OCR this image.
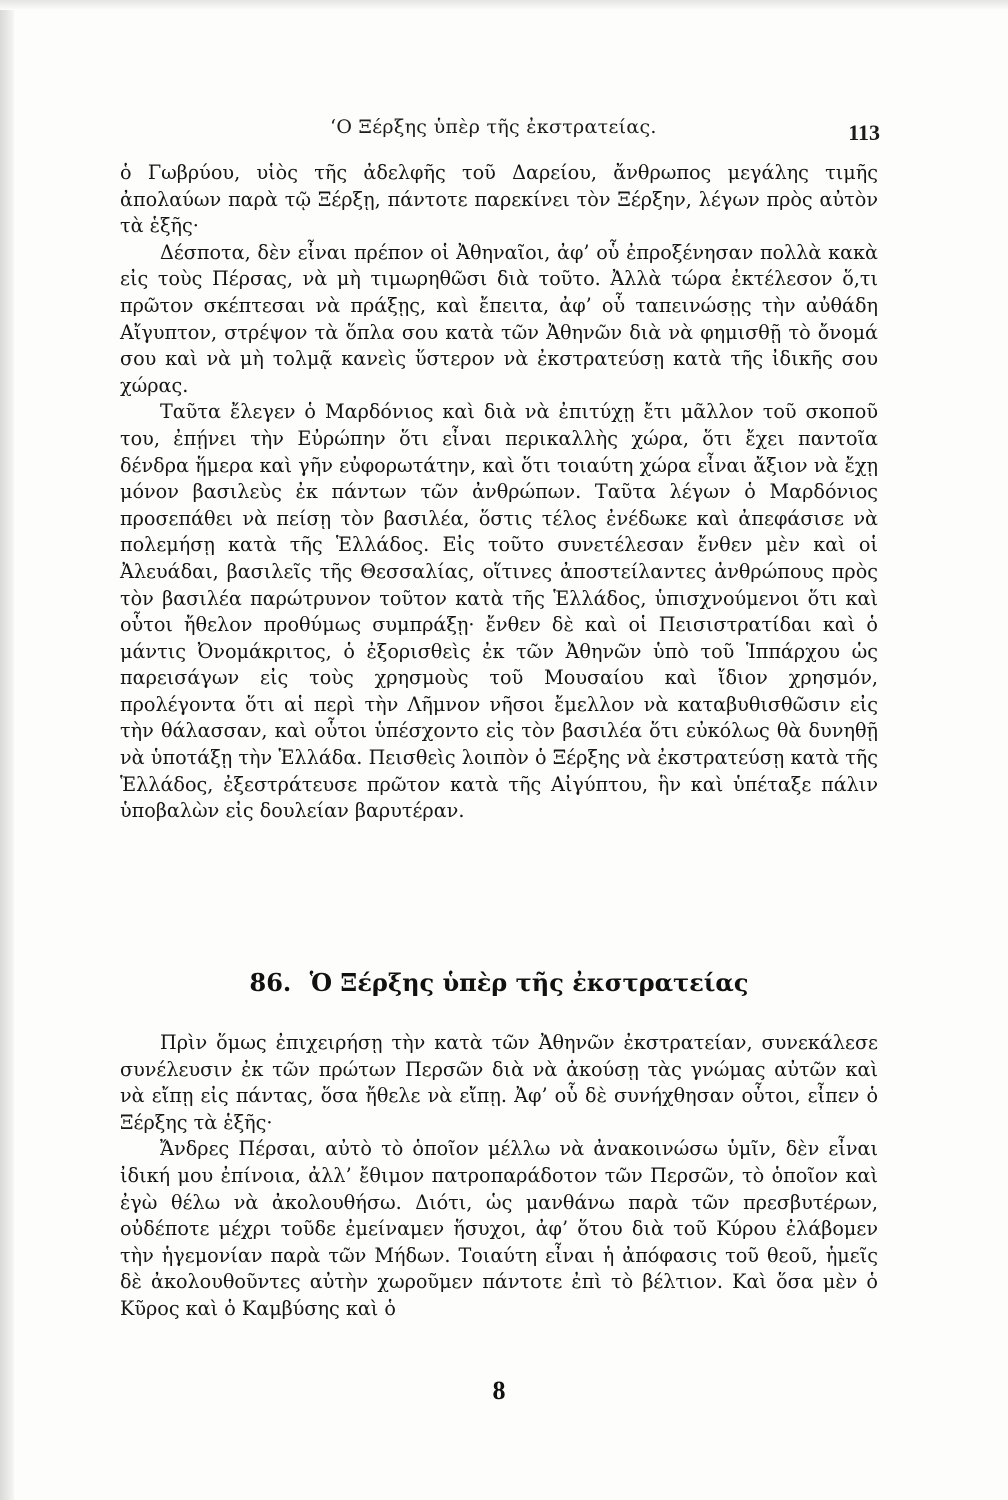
‘Ο Ξέρξης ὑπὲρ τῆς ἐκστρατείας.	113

ὁ Γωβρύου, υἱὸς τῆς ἀδελφῆς τοῦ Δαρείου, ἄνθρωπος μεγάλης τιμῆς ἀπολαύων παρὰ τῷ Ξέρξῃ, πάντοτε παρεκίνει τὸν Ξέρξην, λέγων πρὸς αὐτὸν τὰ ἑξῆς·

Δέσποτα, δὲν εἶναι πρέπον οἱ Ἀθηναῖοι, ἀφ’ οὗ ἐπροξένησαν πολλὰ κακὰ εἰς τοὺς Πέρσας, νὰ μὴ τιμωρηθῶσι διὰ τοῦτο. Ἀλλὰ τώρα ἐκτέλεσον ὅ,τι πρῶτον σκέπτεσαι νὰ πράξῃς, καὶ ἔπειτα, ἀφ’ οὗ ταπεινώσῃς τὴν αὐθάδη Αἴγυπτον, στρέψον τὰ ὅπλα σου κατὰ τῶν Ἀθηνῶν διὰ νὰ φημισθῇ τὸ ὄνομά σου καὶ νὰ μὴ τολμᾷ κανεὶς ὕστερον νὰ ἐκστρατεύσῃ κατὰ τῆς ἰδικῆς σου χώρας.

Ταῦτα ἔλεγεν ὁ Μαρδόνιος καὶ διὰ νὰ ἐπιτύχῃ ἔτι μᾶλλον τοῦ σκοποῦ του, ἐπῄνει τὴν Εὐρώπην ὅτι εἶναι περικαλλὴς χώρα, ὅτι ἔχει παντοῖα δένδρα ἥμερα καὶ γῆν εὐφορωτάτην, καὶ ὅτι τοιαύτη χώρα εἶναι ἄξιον νὰ ἔχῃ μόνον βασιλεὺς ἐκ πάντων τῶν ἀνθρώπων. Ταῦτα λέγων ὁ Μαρδόνιος προσεπάθει νὰ πείσῃ τὸν βασιλέα, ὅστις τέλος ἐνέδωκε καὶ ἀπεφάσισε νὰ πολεμήσῃ κατὰ τῆς Ἑλλάδος. Εἰς τοῦτο συνετέλεσαν ἔνθεν μὲν καὶ οἱ Ἀλευάδαι, βασιλεῖς τῆς Θεσσαλίας, οἵτινες ἀποστείλαντες ἀνθρώπους πρὸς τὸν βασιλέα παρώτρυνον τοῦτον κατὰ τῆς Ἑλλάδος, ὑπισχνούμενοι ὅτι καὶ οὗτοι ἤθελον προθύμως συμπράξῃ· ἔνθεν δὲ καὶ οἱ Πεισιστρατίδαι καὶ ὁ μάντις Ὀνομάκριτος, ὁ ἐξορισθεὶς ἐκ τῶν Ἀθηνῶν ὑπὸ τοῦ Ἱππάρχου ὡς παρεισάγων εἰς τοὺς χρησμοὺς τοῦ Μουσαίου καὶ ἴδιον χρησμόν, προλέγοντα ὅτι αἱ περὶ τὴν Λῆμνον νῆσοι ἔμελλον νὰ καταβυθισθῶσιν εἰς τὴν θάλασσαν, καὶ οὗτοι ὑπέσχοντο εἰς τὸν βασιλέα ὅτι εὐκόλως θὰ δυνηθῇ νὰ ὑποτάξῃ τὴν Ἑλλάδα. Πεισθεὶς λοιπὸν ὁ Ξέρξης νὰ ἐκστρατεύσῃ κατὰ τῆς Ἑλλάδος, ἐξεστράτευσε πρῶτον κατὰ τῆς Αἰγύπτου, ἣν καὶ ὑπέταξε πάλιν ὑποβαλὼν εἰς δουλείαν βαρυτέραν.

86. Ὁ Ξέρξης ὑπὲρ τῆς ἐκστρατείας

Πρὶν ὅμως ἐπιχειρήσῃ τὴν κατὰ τῶν Ἀθηνῶν ἐκστρατείαν, συνεκάλεσε συνέλευσιν ἐκ τῶν πρώτων Περσῶν διὰ νὰ ἀκούσῃ τὰς γνώμας αὐτῶν καὶ νὰ εἴπῃ εἰς πάντας, ὅσα ἤθελε νὰ εἴπῃ. Ἀφ’ οὗ δὲ συνήχθησαν οὗτοι, εἶπεν ὁ Ξέρξης τὰ ἑξῆς·

Ἄνδρες Πέρσαι, αὐτὸ τὸ ὁποῖον μέλλω νὰ ἀνακοινώσω ὑμῖν, δὲν εἶναι ἰδική μου ἐπίνοια, ἀλλ’ ἔθιμον πατροπαράδοτον τῶν Περσῶν, τὸ ὁποῖον καὶ ἐγὼ θέλω νὰ ἀκολουθήσω. Διότι, ὡς μανθάνω παρὰ τῶν πρεσβυτέρων, οὐδέποτε μέχρι τοῦδε ἐμείναμεν ἥσυχοι, ἀφ’ ὅτου διὰ τοῦ Κύρου ἐλάβομεν τὴν ἡγεμονίαν παρὰ τῶν Μήδων. Τοιαύτη εἶναι ἡ ἀπόφασις τοῦ θεοῦ, ἡμεῖς δὲ ἀκολουθοῦντες αὐτὴν χωροῦμεν πάντοτε ἐπὶ τὸ βέλτιον. Καὶ ὅσα μὲν ὁ Κῦρος καὶ ὁ Καμβύσης καὶ ὁ

8
